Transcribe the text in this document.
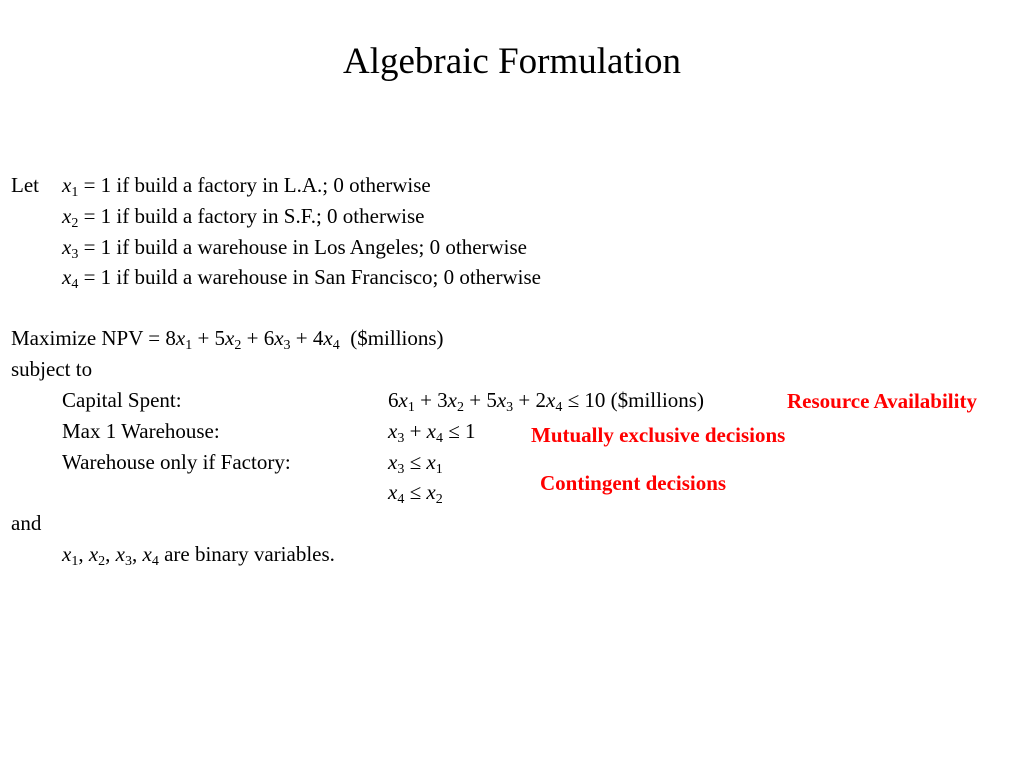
Algebraic Formulation
Let $x_1 = 1$ if build a factory in L.A.; 0 otherwise
$x_2 = 1$ if build a factory in S.F.; 0 otherwise
$x_3 = 1$ if build a warehouse in Los Angeles; 0 otherwise
$x_4 = 1$ if build a warehouse in San Francisco; 0 otherwise
Maximize NPV = $8x_1 + 5x_2 + 6x_3 + 4x_4$  ($millions)
subject to
Capital Spent:	$6x_1 + 3x_2 + 5x_3 + 2x_4 \le 10$ ($millions)
Max 1 Warehouse:	$x_3 + x_4 \le 1$
Warehouse only if Factory:	$x_3 \le x_1$
$x_4 \le x_2$
and
$x_1$, $x_2$, $x_3$, $x_4$ are binary variables.
Resource Availability
Mutually exclusive decisions
Contingent decisions
